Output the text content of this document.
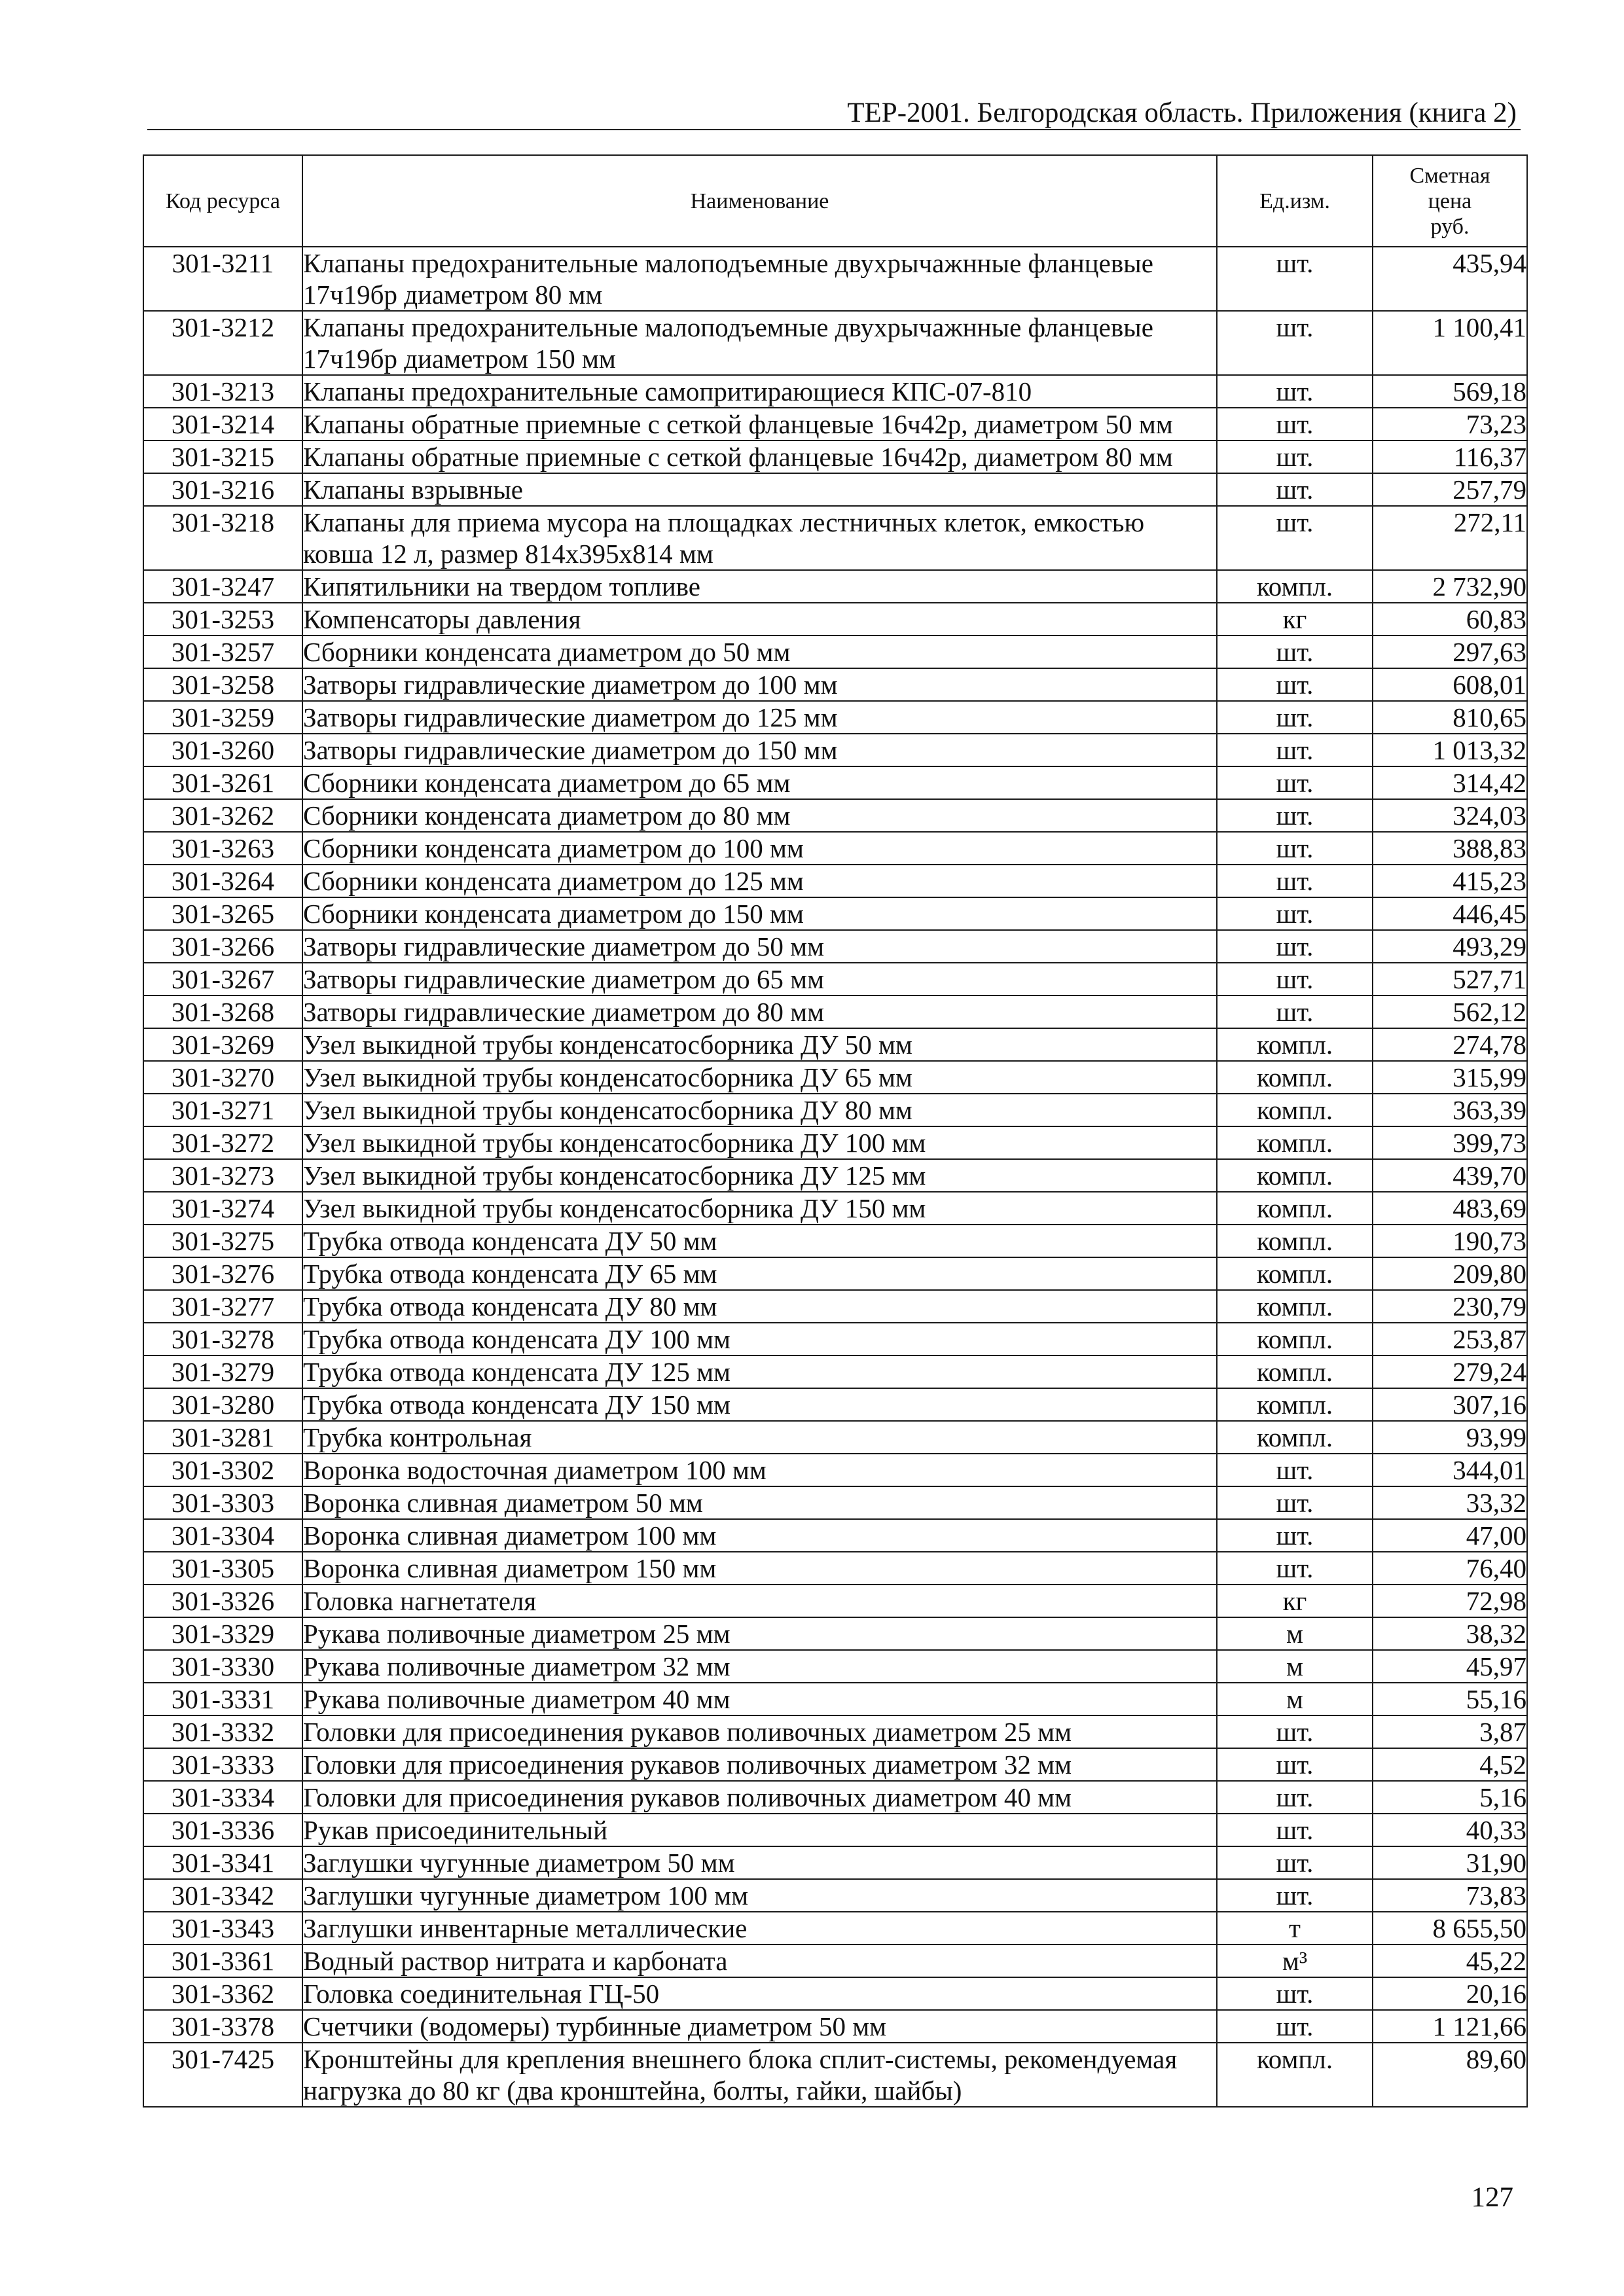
ТЕР-2001. Белгородская область. Приложения (книга 2)
Код ресурса	Наименование	Ед.изм.	Сметная
цена
руб.
301-3211	Клапаны предохранительные малоподъемные двухрычажнные фланцевые
17ч19бр диаметром 80 мм	шт.	435,94
301-3212	Клапаны предохранительные малоподъемные двухрычажнные фланцевые
17ч19бр диаметром 150 мм	шт.	1 100,41
301-3213	Клапаны предохранительные самопритирающиеся КПС-07-810	шт.	569,18
301-3214	Клапаны обратные приемные с сеткой фланцевые 16ч42р, диаметром 50 мм	шт.	73,23
301-3215	Клапаны обратные приемные с сеткой фланцевые 16ч42р, диаметром 80 мм	шт.	116,37
301-3216	Клапаны взрывные	шт.	257,79
301-3218	Клапаны для приема мусора на площадках лестничных клеток, емкостью
ковша 12 л, размер 814x395x814 мм	шт.	272,11
301-3247	Кипятильники на твердом топливе	компл.	2 732,90
301-3253	Компенсаторы давления	кг	60,83
301-3257	Сборники конденсата диаметром до 50 мм	шт.	297,63
301-3258	Затворы гидравлические диаметром до 100 мм	шт.	608,01
301-3259	Затворы гидравлические диаметром до 125 мм	шт.	810,65
301-3260	Затворы гидравлические диаметром до 150 мм	шт.	1 013,32
301-3261	Сборники конденсата диаметром до 65 мм	шт.	314,42
301-3262	Сборники конденсата диаметром до 80 мм	шт.	324,03
301-3263	Сборники конденсата диаметром до 100 мм	шт.	388,83
301-3264	Сборники конденсата диаметром до 125 мм	шт.	415,23
301-3265	Сборники конденсата диаметром до 150 мм	шт.	446,45
301-3266	Затворы гидравлические диаметром до 50 мм	шт.	493,29
301-3267	Затворы гидравлические диаметром до 65 мм	шт.	527,71
301-3268	Затворы гидравлические диаметром до 80 мм	шт.	562,12
301-3269	Узел выкидной трубы конденсатосборника ДУ 50 мм	компл.	274,78
301-3270	Узел выкидной трубы конденсатосборника ДУ 65 мм	компл.	315,99
301-3271	Узел выкидной трубы конденсатосборника ДУ 80 мм	компл.	363,39
301-3272	Узел выкидной трубы конденсатосборника ДУ 100 мм	компл.	399,73
301-3273	Узел выкидной трубы конденсатосборника ДУ 125 мм	компл.	439,70
301-3274	Узел выкидной трубы конденсатосборника ДУ 150 мм	компл.	483,69
301-3275	Трубка отвода конденсата ДУ 50 мм	компл.	190,73
301-3276	Трубка отвода конденсата ДУ 65 мм	компл.	209,80
301-3277	Трубка отвода конденсата ДУ 80 мм	компл.	230,79
301-3278	Трубка отвода конденсата ДУ 100 мм	компл.	253,87
301-3279	Трубка отвода конденсата ДУ 125 мм	компл.	279,24
301-3280	Трубка отвода конденсата ДУ 150 мм	компл.	307,16
301-3281	Трубка контрольная	компл.	93,99
301-3302	Воронка водосточная диаметром 100 мм	шт.	344,01
301-3303	Воронка сливная диаметром 50 мм	шт.	33,32
301-3304	Воронка сливная диаметром 100 мм	шт.	47,00
301-3305	Воронка сливная диаметром 150 мм	шт.	76,40
301-3326	Головка нагнетателя	кг	72,98
301-3329	Рукава поливочные диаметром 25 мм	м	38,32
301-3330	Рукава поливочные диаметром 32 мм	м	45,97
301-3331	Рукава поливочные диаметром 40 мм	м	55,16
301-3332	Головки для присоединения рукавов поливочных диаметром 25 мм	шт.	3,87
301-3333	Головки для присоединения рукавов поливочных диаметром 32 мм	шт.	4,52
301-3334	Головки для присоединения рукавов поливочных диаметром 40 мм	шт.	5,16
301-3336	Рукав присоединительный	шт.	40,33
301-3341	Заглушки чугунные диаметром 50 мм	шт.	31,90
301-3342	Заглушки чугунные диаметром 100 мм	шт.	73,83
301-3343	Заглушки инвентарные металлические	т	8 655,50
301-3361	Водный раствор нитрата и карбоната	м³	45,22
301-3362	Головка соединительная ГЦ-50	шт.	20,16
301-3378	Счетчики (водомеры) турбинные диаметром 50 мм	шт.	1 121,66
301-7425	Кронштейны для крепления внешнего блока сплит-системы, рекомендуемая
нагрузка до 80 кг (два кронштейна, болты, гайки, шайбы)	компл.	89,60
127
